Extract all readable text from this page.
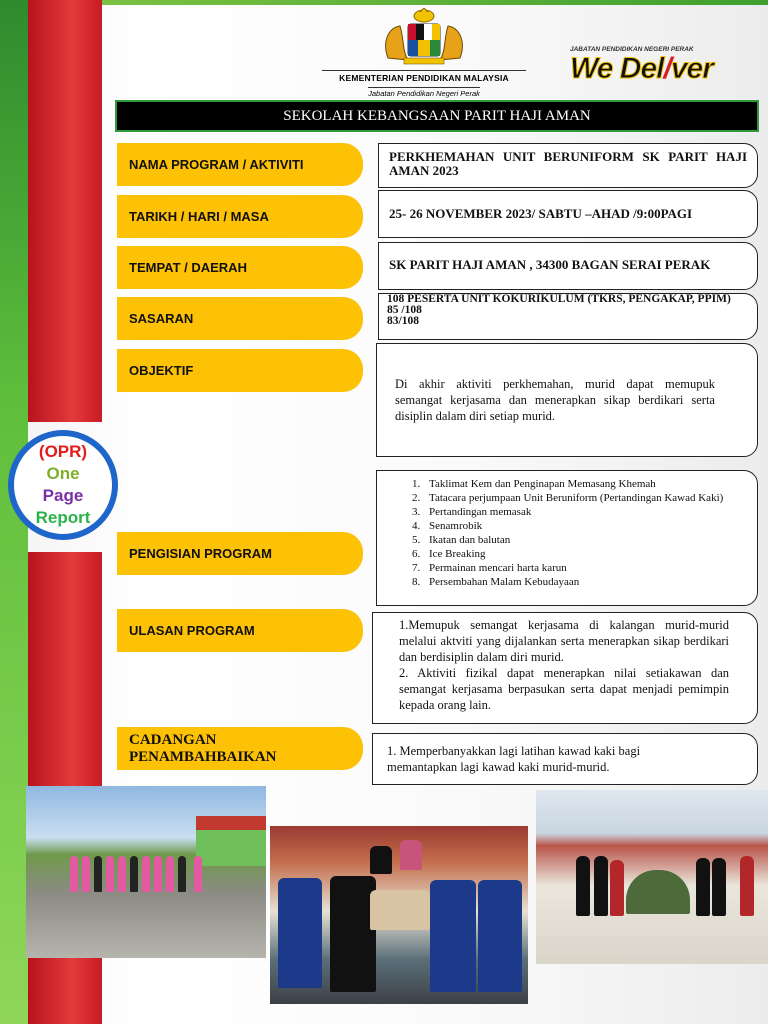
(OPR)
One
Page
Report
KEMENTERIAN PENDIDIKAN MALAYSIA
Jabatan Pendidikan Negeri Perak
JABATAN PENDIDIKAN NEGERI PERAK
We Del/ver
SEKOLAH KEBANGSAAN PARIT HAJI AMAN
NAMA PROGRAM / AKTIVITI
TARIKH / HARI / MASA
TEMPAT / DAERAH
SASARAN
OBJEKTIF
PENGISIAN PROGRAM
ULASAN PROGRAM
CADANGAN
PENAMBAHBAIKAN
PERKHEMAHAN UNIT BERUNIFORM SK PARIT HAJI AMAN 2023
25- 26 NOVEMBER 2023/ SABTU –AHAD /9:00PAGI
SK PARIT HAJI AMAN , 34300 BAGAN SERAI PERAK
108 PESERTA UNIT KOKURIKULUM (TKRS, PENGAKAP, PPIM)
85 /108
83/108
Di akhir aktiviti perkhemahan, murid dapat memupuk semangat kerjasama dan menerapkan sikap berdikari serta disiplin dalam diri setiap murid.
1. Taklimat Kem dan Penginapan Memasang Khemah
2. Tatacara perjumpaan Unit Beruniform (Pertandingan Kawad Kaki)
3. Pertandingan memasak
4. Senamrobik
5. Ikatan dan balutan
6. Ice Breaking
7. Permainan mencari harta karun
8. Persembahan Malam Kebudayaan
1.Memupuk semangat kerjasama di kalangan murid-murid melalui aktviti yang dijalankan serta menerapkan sikap berdikari dan berdisiplin dalam diri murid.
2. Aktiviti fizikal dapat menerapkan nilai setiakawan dan semangat kerjasama berpasukan serta dapat menjadi pemimpin kepada orang lain.
1. Memperbanyakkan lagi latihan kawad kaki bagi memantapkan lagi kawad kaki murid-murid.
